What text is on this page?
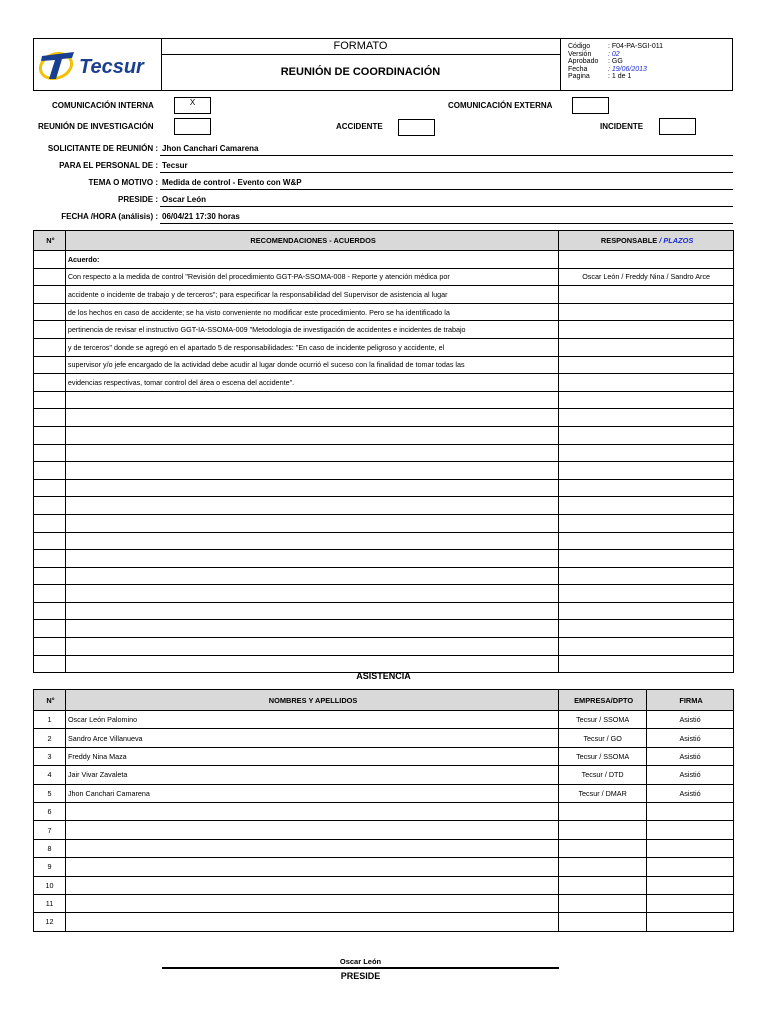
Tecsur
FORMATO
REUNIÓN DE COORDINACIÓN
Código	: F04-PA-SGI-011
Versión : 02
Aprobado : GG
Fecha	: 19/06/2013
Pagina	: 1 de 1
COMUNICACIÓN INTERNA	X	COMUNICACIÓN EXTERNA
REUNIÓN DE INVESTIGACIÓN	ACCIDENTE	INCIDENTE
SOLICITANTE DE REUNIÓN : Jhon Canchari Camarena
PARA EL PERSONAL DE : Tecsur
TEMA O MOTIVO : Medida de control - Evento con W&P
PRESIDE : Oscar León
FECHA /HORA (análisis) : 06/04/21 17:30 horas
N°	RECOMENDACIONES - ACUERDOS	RESPONSABLE / PLAZOS
	Acuerdo:	
	Con respecto a la medida de control "Revisión del procedimiento GGT-PA-SSOMA-008 - Reporte y atención médica por	Oscar León / Freddy Nina / Sandro Arce
	accidente o incidente de trabajo y de terceros"; para especificar la responsabilidad del Supervisor de asistencia al lugar	
	de los hechos en caso de accidente; se ha visto conveniente no modificar este procedimiento. Pero se ha identificado la	
	pertinencia de revisar el instructivo GGT-IA-SSOMA-009 "Metodologia de investigación de accidentes e incidentes de trabajo	
	y de terceros" donde se agregó en el apartado 5 de responsabilidades: "En caso de incidente peligroso y accidente, el	
	supervisor y/o jefe encargado de la actividad debe acudir al lugar donde ocurrió el suceso con la finalidad de tomar todas las	
	evidencias respectivas, tomar control del área o escena del accidente".	

ASISTENCIA
N°	NOMBRES Y APELLIDOS	EMPRESA/DPTO	FIRMA
1	Oscar León Palomino	Tecsur / SSOMA	Asistió
2	Sandro Arce Villanueva	Tecsur / GO	Asistió
3	Freddy Nina Maza	Tecsur / SSOMA	Asistió
4	Jair Vivar Zavaleta	Tecsur / DTD	Asistió
5	Jhon Canchari Camarena	Tecsur / DMAR	Asistió
6			
7			
8			
9			
10			
11			
12			
Oscar León
PRESIDE
